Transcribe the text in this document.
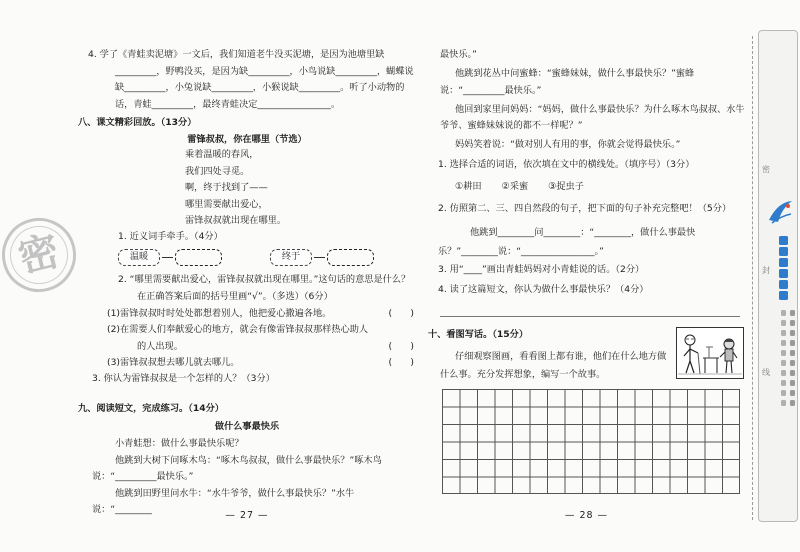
密
4. 学了《青蛙卖泥塘》一文后，我们知道老牛没买泥塘，是因为池塘里缺_________，野鸭没买，是因为缺_________，小鸟说缺_________，蝴蝶说缺_________，小兔说缺_________，小猴说缺_________。听了小动物的话，青蛙_________，最终青蛙决定________________。
八、课文精彩回放。（13分）
雷锋叔叔，你在哪里（节选）
乘着温暖的春风，
我们四处寻觅。
啊，终于找到了——
哪里需要献出爱心，
雷锋叔叔就出现在哪里。
1. 近义词手牵手。（4分）
温暖	终于
2. “哪里需要献出爱心，雷锋叔叔就出现在哪里。”这句话的意思是什么？在正确答案后面的括号里画“√”。（多选）（6分）
(1)雷锋叔叔时时处处都想着别人，他把爱心撒遍各地。	(　　)
(2)在需要人们奉献爱心的地方，就会有像雷锋叔叔那样热心助人的人出现。	(　　)
(3)雷锋叔叔想去哪儿就去哪儿。	(　　)
3. 你认为雷锋叔叔是一个怎样的人？（3分）
九、阅读短文，完成练习。（14分）
做什么事最快乐
小青蛙想：做什么事最快乐呢？
他跳到大树下问啄木鸟：“啄木鸟叔叔，做什么事最快乐？”啄木鸟说：“_________最快乐。”
他跳到田野里问水牛：“水牛爷爷，做什么事最快乐？”水牛说：“________
— 27 —
最快乐。”
他跳到花丛中问蜜蜂：“蜜蜂妹妹，做什么事最快乐？”蜜蜂说：“_________最快乐。”
他回到家里问妈妈：“妈妈，做什么事最快乐？为什么啄木鸟叔叔、水牛爷爷、蜜蜂妹妹说的都不一样呢？”
妈妈笑着说：“做对别人有用的事，你就会觉得最快乐。”
1. 选择合适的词语，依次填在文中的横线处。（填序号）（3分）
①耕田 ②采蜜 ③捉虫子
2. 仿照第二、三、四自然段的句子，把下面的句子补充完整吧！（5分）
他跳到________问________：“________，做什么事最快乐？”________说：“________________。”
3. 用“____”画出青蛙妈妈对小青蛙说的话。（2分）
4. 读了这篇短文，你认为做什么事最快乐？（4分）
十、看图写话。（15分）
仔细观察图画，看看图上都有谁，他们在什么地方做什么事。充分发挥想象，编写一个故事。
— 28 —
密
封
线
